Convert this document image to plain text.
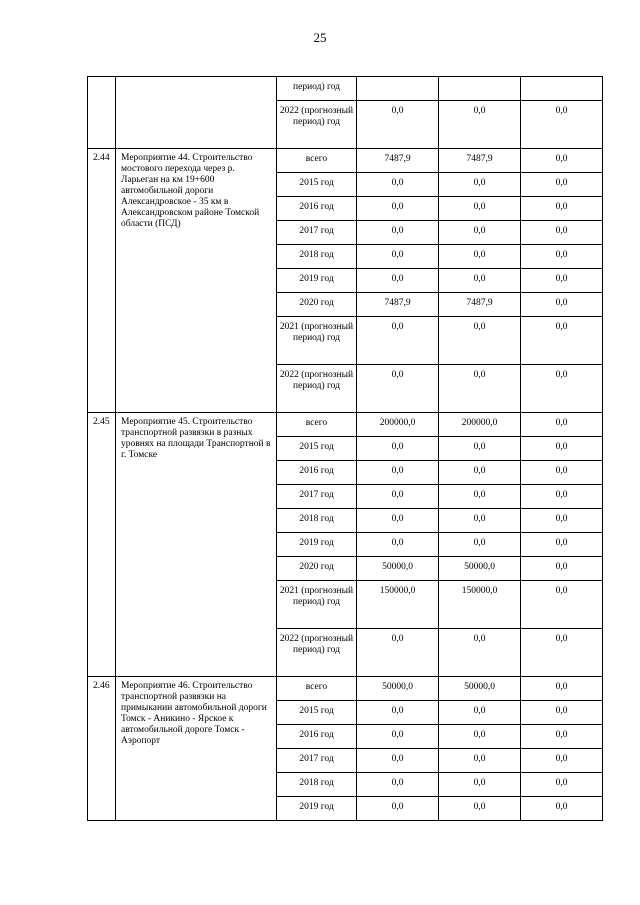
25
		период) год			
		2022 (прогнозный период) год	0,0	0,0	0,0
2.44	Мероприятие 44. Строительство мостового перехода через р. Ларьеган на км 19+600 автомобильной дороги Александровское - 35 км в Александровском районе Томской области (ПСД)	всего	7487,9	7487,9	0,0
		2015 год	0,0	0,0	0,0
		2016 год	0,0	0,0	0,0
		2017 год	0,0	0,0	0,0
		2018 год	0,0	0,0	0,0
		2019 год	0,0	0,0	0,0
		2020 год	7487,9	7487,9	0,0
		2021 (прогнозный период) год	0,0	0,0	0,0
		2022 (прогнозный период) год	0,0	0,0	0,0
2.45	Мероприятие 45. Строительство транспортной развязки в разных уровнях на площади Транспортной в г. Томске	всего	200000,0	200000,0	0,0
		2015 год	0,0	0,0	0,0
		2016 год	0,0	0,0	0,0
		2017 год	0,0	0,0	0,0
		2018 год	0,0	0,0	0,0
		2019 год	0,0	0,0	0,0
		2020 год	50000,0	50000,0	0,0
		2021 (прогнозный период) год	150000,0	150000,0	0,0
		2022 (прогнозный период) год	0,0	0,0	0,0
2.46	Мероприятие 46. Строительство транспортной развязки на примыкании автомобильной дороги Томск - Аникино - Ярское к автомобильной дороге Томск - Аэропорт	всего	50000,0	50000,0	0,0
		2015 год	0,0	0,0	0,0
		2016 год	0,0	0,0	0,0
		2017 год	0,0	0,0	0,0
		2018 год	0,0	0,0	0,0
		2019 год	0,0	0,0	0,0
